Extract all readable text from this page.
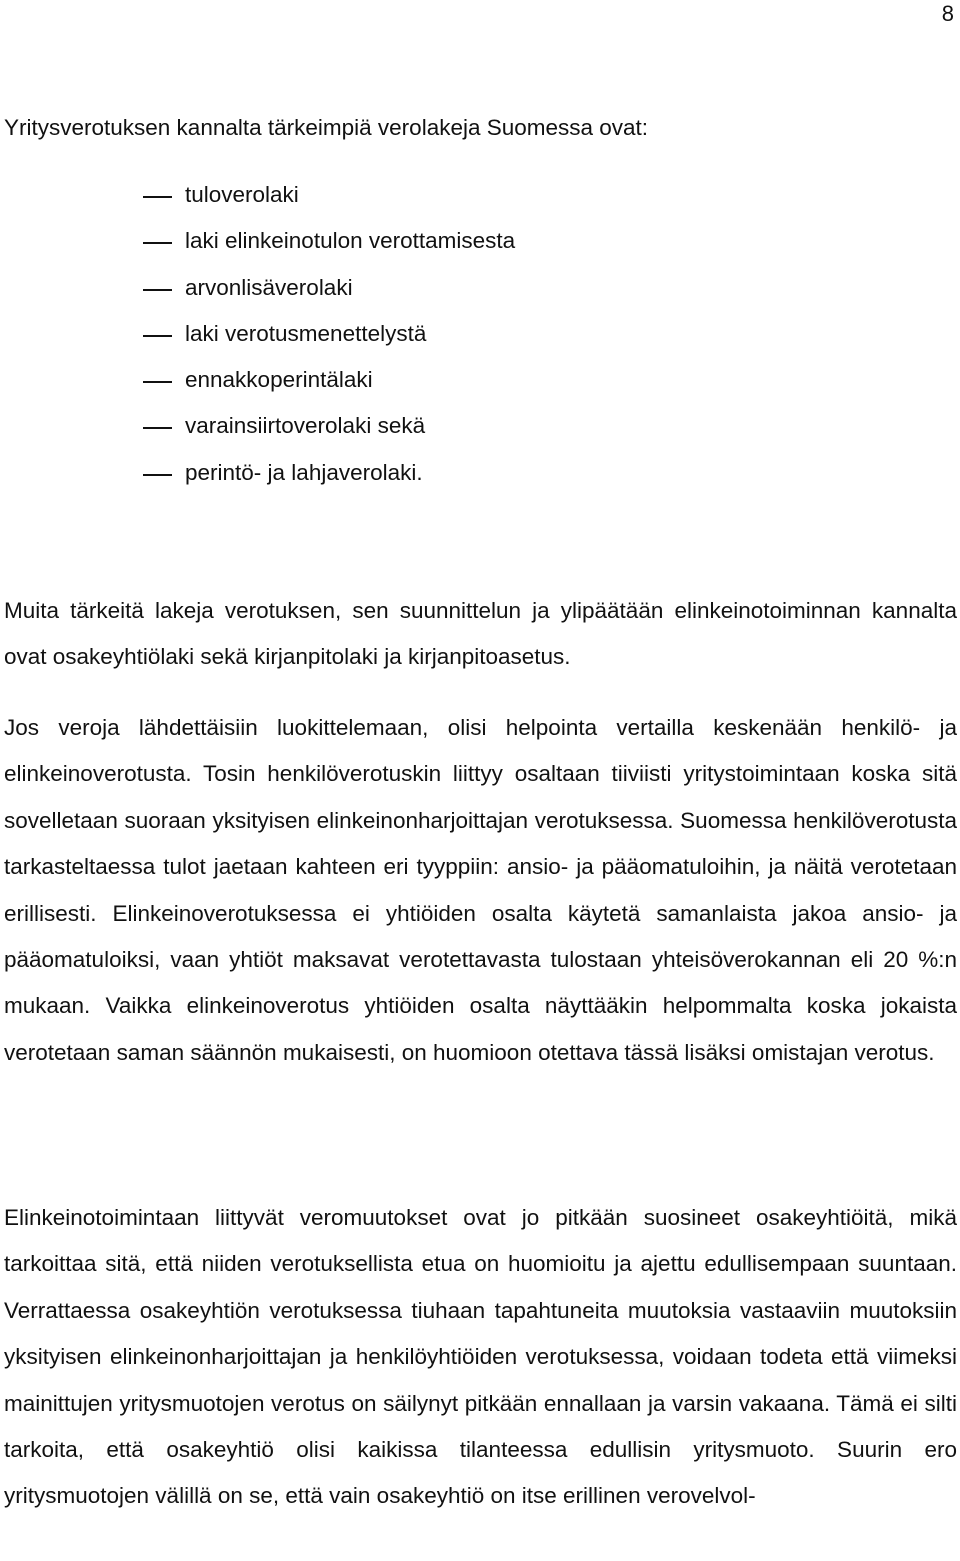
8

Yritysverotuksen kannalta tärkeimpiä verolakeja Suomessa ovat:

tuloverolaki
laki elinkeinotulon verottamisesta
arvonlisäverolaki
laki verotusmenettelystä
ennakkoperintälaki
varainsiirtoverolaki sekä
perintö- ja lahjaverolaki.

Muita tärkeitä lakeja verotuksen, sen suunnittelun ja ylipäätään elinkeinotoiminnan kannalta ovat osakeyhtiölaki sekä kirjanpitolaki ja kirjanpitoasetus.

Jos veroja lähdettäisiin luokittelemaan, olisi helpointa vertailla keskenään henkilö- ja elinkeinoverotusta. Tosin henkilöverotuskin liittyy osaltaan tiiviisti yritystoimintaan koska sitä sovelletaan suoraan yksityisen elinkeinonharjoittajan verotuksessa. Suomessa henkilöverotusta tarkasteltaessa tulot jaetaan kahteen eri tyyppiin: ansio- ja pääomatuloihin, ja näitä verotetaan erillisesti. Elinkeinoverotuksessa ei yhtiöiden osalta käytetä samanlaista jakoa ansio- ja pääomatuloiksi, vaan yhtiöt maksavat verotettavasta tulostaan yhteisöverokannan eli 20 %:n mukaan. Vaikka elinkeinoverotus yhtiöiden osalta näyttääkin helpommalta koska jokaista verotetaan saman säännön mukaisesti, on huomioon otettava tässä lisäksi omistajan verotus.

Elinkeinotoimintaan liittyvät veromuutokset ovat jo pitkään suosineet osakeyhtiöitä, mikä tarkoittaa sitä, että niiden verotuksellista etua on huomioitu ja ajettu edullisempaan suuntaan. Verrattaessa osakeyhtiön verotuksessa tiuhaan tapahtuneita muutoksia vastaaviin muutoksiin yksityisen elinkeinonharjoittajan ja henkilöyhtiöiden verotuksessa, voidaan todeta että viimeksi mainittujen yritysmuotojen verotus on säilynyt pitkään ennallaan ja varsin vakaana. Tämä ei silti tarkoita, että osakeyhtiö olisi kaikissa tilanteessa edullisin yritysmuoto. Suurin ero yritysmuotojen välillä on se, että vain osakeyhtiö on itse erillinen verovelvol-
